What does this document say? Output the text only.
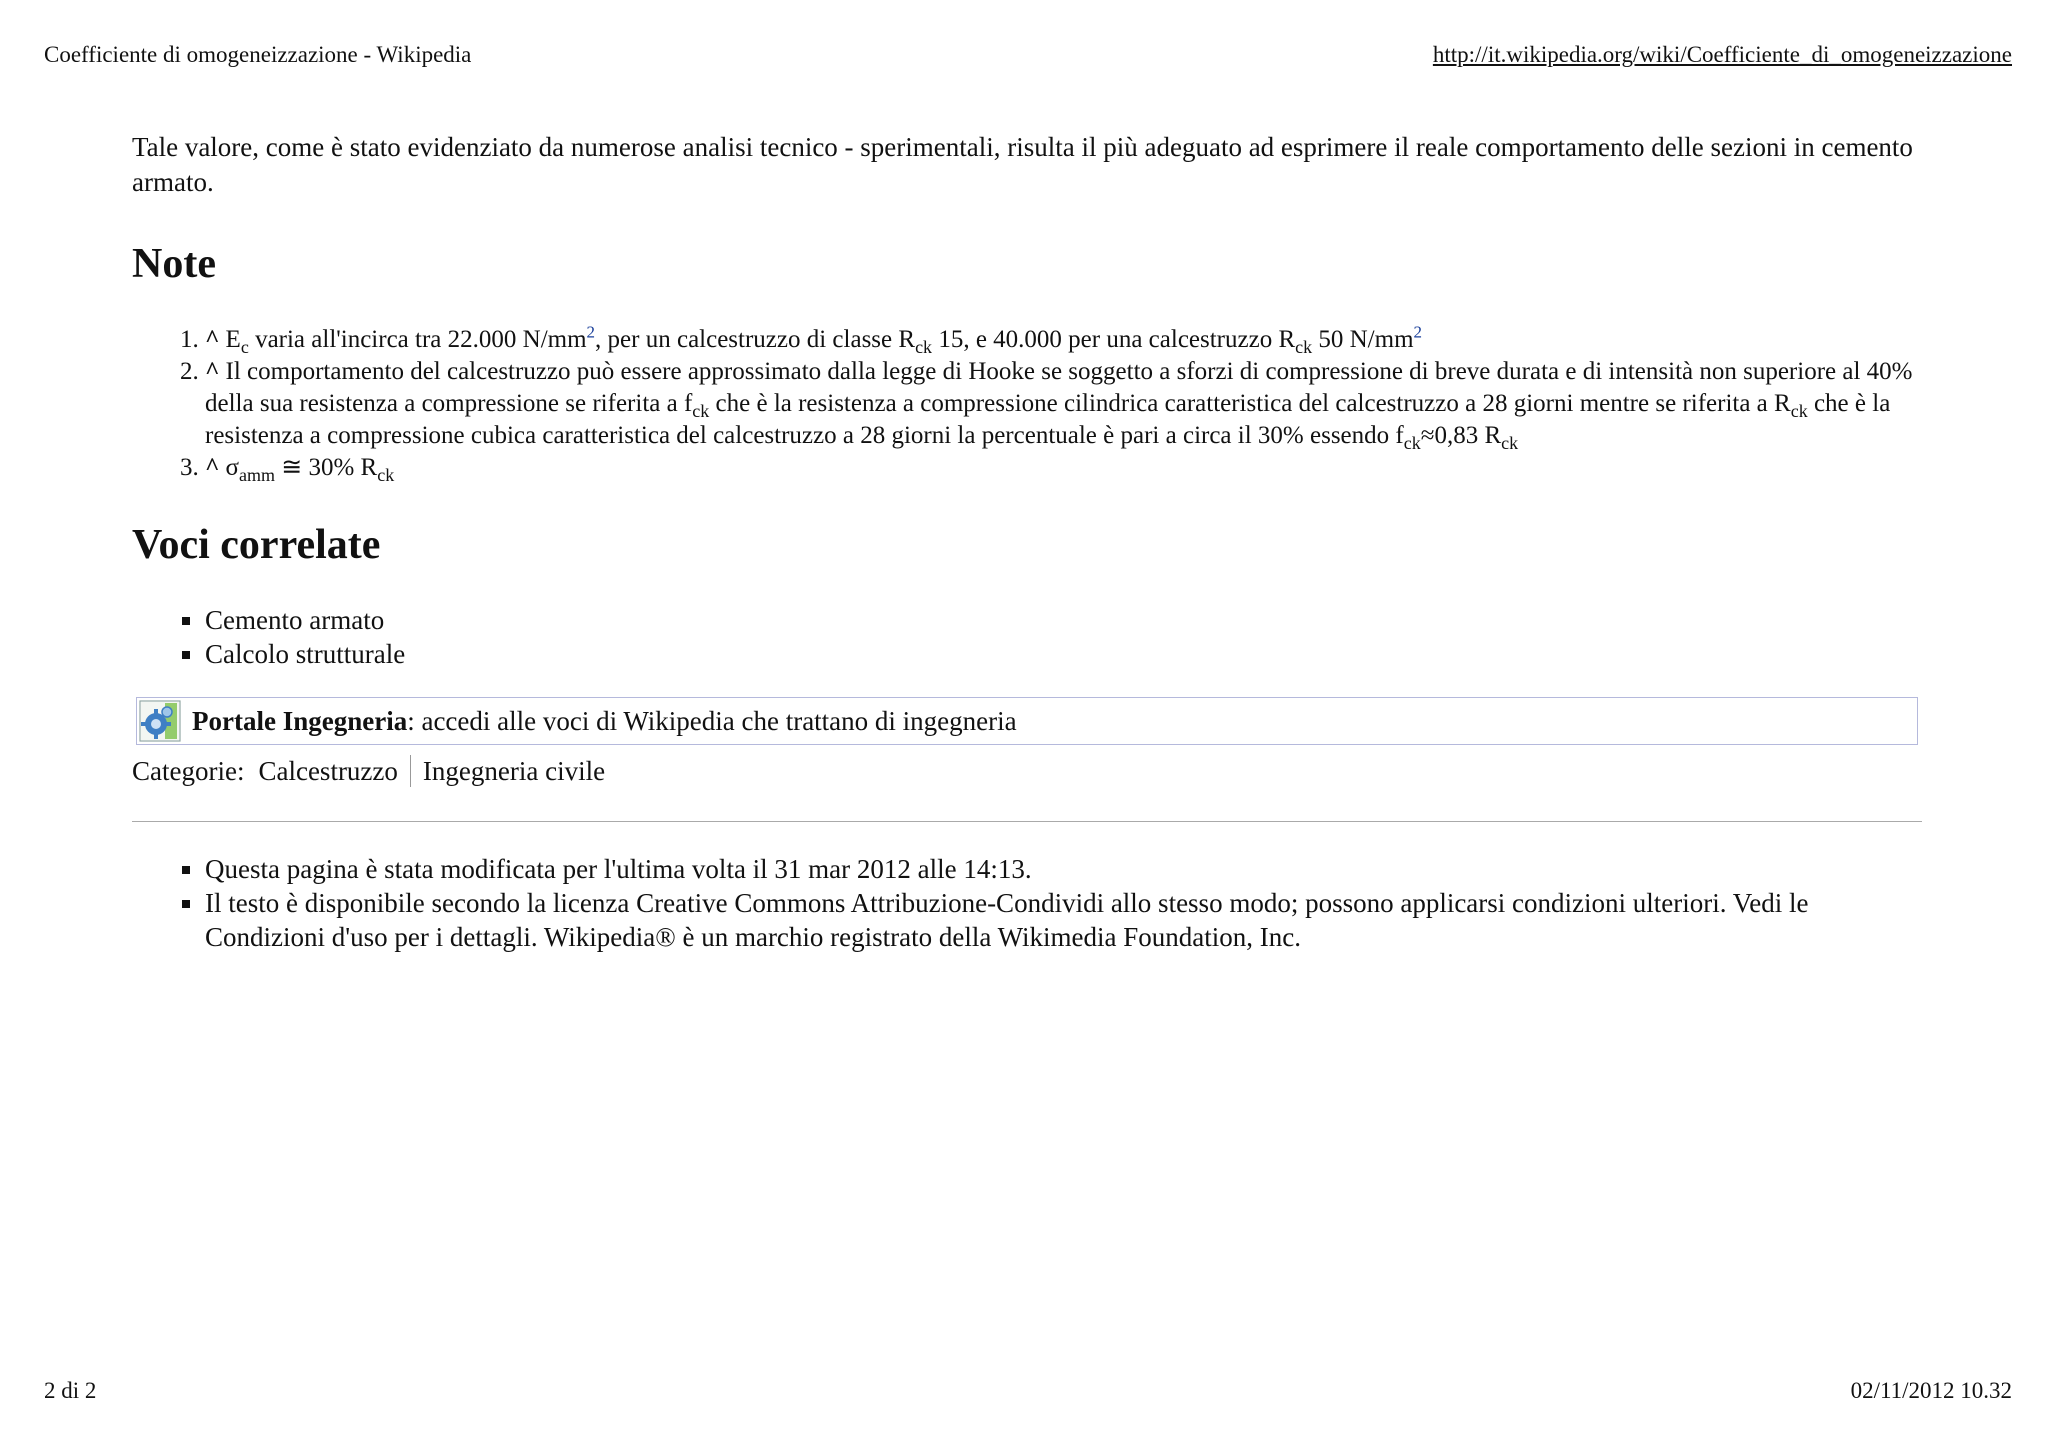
Coefficiente di omogeneizzazione - Wikipedia	http://it.wikipedia.org/wiki/Coefficiente_di_omogeneizzazione

Tale valore, come è stato evidenziato da numerose analisi tecnico - sperimentali, risulta il più adeguato ad esprimere il reale comportamento delle sezioni in cemento armato.

Note
1. ^ $E_c$ varia all'incirca tra 22.000 N/mm$^2$, per un calcestruzzo di classe $R_{ck}$ 15, e 40.000 per una calcestruzzo $R_{ck}$ 50 N/mm$^2$
2. ^ Il comportamento del calcestruzzo può essere approssimato dalla legge di Hooke se soggetto a sforzi di compressione di breve durata e di intensità non superiore al 40% della sua resistenza a compressione se riferita a $f_{ck}$ che è la resistenza a compressione cilindrica caratteristica del calcestruzzo a 28 giorni mentre se riferita a $R_{ck}$ che è la resistenza a compressione cubica caratteristica del calcestruzzo a 28 giorni la percentuale è pari a circa il 30% essendo $f_{ck}\approx 0,83$ $R_{ck}$
3. ^ $\sigma_{amm}$ ≅ 30% $R_{ck}$
Voci correlate
▪ Cemento armato
▪ Calcolo strutturale
Portale Ingegneria: accedi alle voci di Wikipedia che trattano di ingegneria
Categorie: Calcestruzzo Ingegneria civile
▪ Questa pagina è stata modificata per l'ultima volta il 31 mar 2012 alle 14:13.
▪ Il testo è disponibile secondo la licenza Creative Commons Attribuzione-Condividi allo stesso modo; possono applicarsi condizioni ulteriori. Vedi le Condizioni d'uso per i dettagli. Wikipedia® è un marchio registrato della Wikimedia Foundation, Inc.
2 di 2	02/11/2012 10.32
